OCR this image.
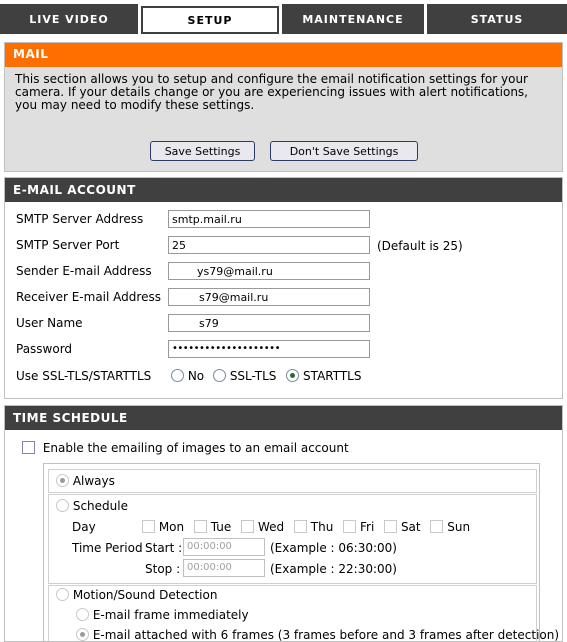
LIVE VIDEO	SETUP	MAINTENANCE	STATUS
MAIL
This section allows you to setup and configure the email notification settings for your camera. If your details change or you are experiencing issues with alert notifications, you may need to modify these settings.
Save Settings	Don't Save Settings
E-MAIL ACCOUNT
SMTP Server Address	smtp.mail.ru
SMTP Server Port	25	(Default is 25)
Sender E-mail Address	ys79@mail.ru
Receiver E-mail Address	s79@mail.ru
User Name	s79
Password	••••••••••••••••••••
Use SSL-TLS/STARTTLS	No SSL-TLS STARTTLS
TIME SCHEDULE
Enable the emailing of images to an email account
Always
Schedule
Day	Mon Tue Wed Thu Fri Sat Sun
Time Period Start : 00:00:00	(Example : 06:30:00)
Stop : 00:00:00	(Example : 22:30:00)
Motion/Sound Detection
E-mail frame immediately
E-mail attached with 6 frames (3 frames before and 3 frames after detection)
